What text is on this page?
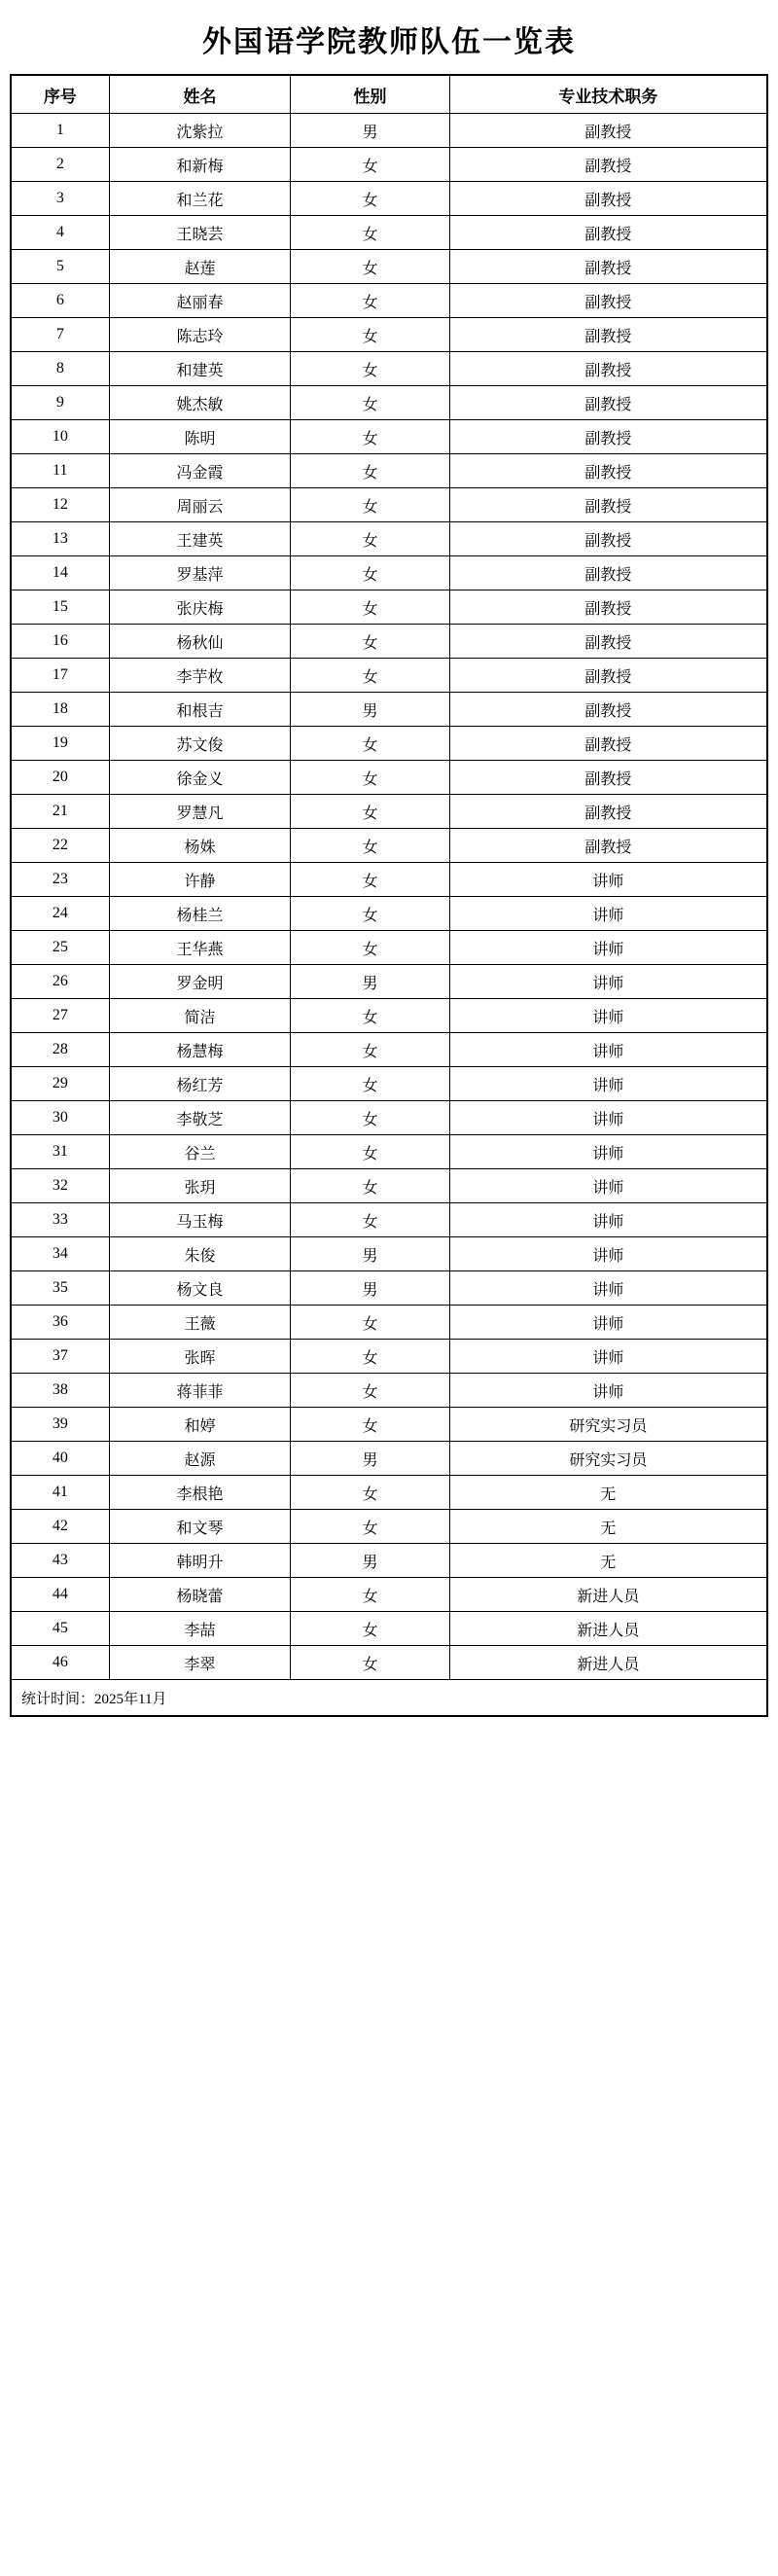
外国语学院教师队伍一览表
序号	姓名	性别	专业技术职务
1	沈紫拉	男	副教授
2	和新梅	女	副教授
3	和兰花	女	副教授
4	王晓芸	女	副教授
5	赵莲	女	副教授
6	赵丽春	女	副教授
7	陈志玲	女	副教授
8	和建英	女	副教授
9	姚杰敏	女	副教授
10	陈明	女	副教授
11	冯金霞	女	副教授
12	周丽云	女	副教授
13	王建英	女	副教授
14	罗基萍	女	副教授
15	张庆梅	女	副教授
16	杨秋仙	女	副教授
17	李芋枚	女	副教授
18	和根吉	男	副教授
19	苏文俊	女	副教授
20	徐金义	女	副教授
21	罗慧凡	女	副教授
22	杨姝	女	副教授
23	许静	女	讲师
24	杨桂兰	女	讲师
25	王华燕	女	讲师
26	罗金明	男	讲师
27	简洁	女	讲师
28	杨慧梅	女	讲师
29	杨红芳	女	讲师
30	李敬芝	女	讲师
31	谷兰	女	讲师
32	张玥	女	讲师
33	马玉梅	女	讲师
34	朱俊	男	讲师
35	杨文良	男	讲师
36	王薇	女	讲师
37	张晖	女	讲师
38	蒋菲菲	女	讲师
39	和婷	女	研究实习员
40	赵源	男	研究实习员
41	李根艳	女	无
42	和文琴	女	无
43	韩明升	男	无
44	杨晓蕾	女	新进人员
45	李喆	女	新进人员
46	李翠	女	新进人员
统计时间：2025年11月			
